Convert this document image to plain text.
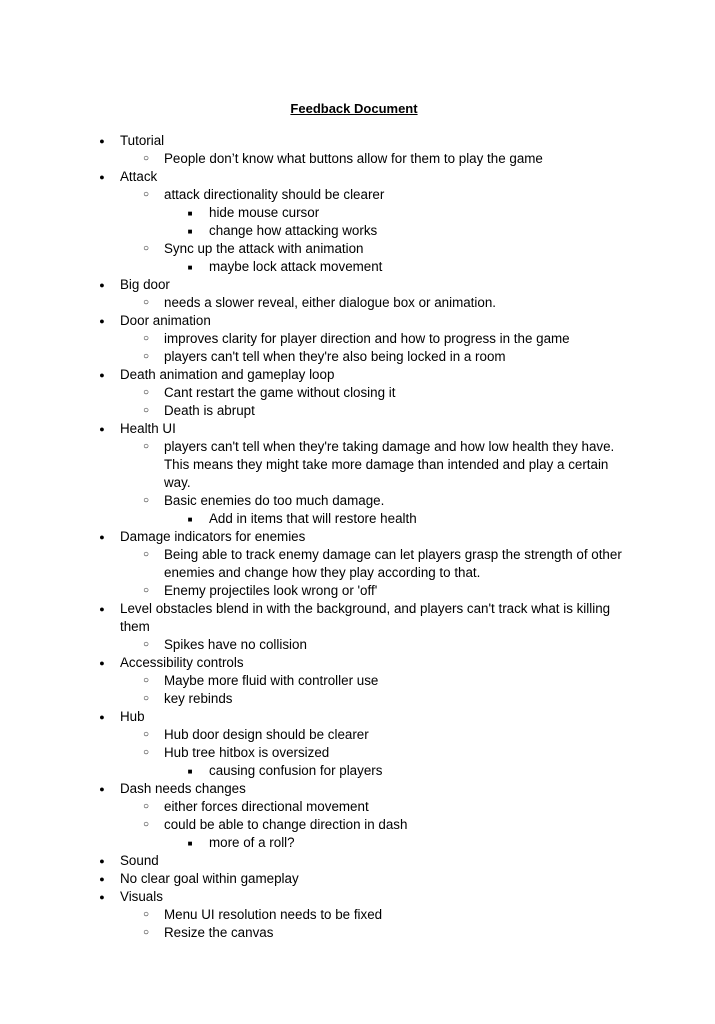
Feedback Document
●	Tutorial
○	People don’t know what buttons allow for them to play the game
●	Attack
○	attack directionality should be clearer
■	hide mouse cursor
■	change how attacking works
○	Sync up the attack with animation
■	maybe lock attack movement
●	Big door
○	needs a slower reveal, either dialogue box or animation.
●	Door animation
○	improves clarity for player direction and how to progress in the game
○	players can't tell when they're also being locked in a room
●	Death animation and gameplay loop
○	Cant restart the game without closing it
○	Death is abrupt
●	Health UI
○	players can't tell when they're taking damage and how low health they have.
This means they might take more damage than intended and play a certain
way.
○	Basic enemies do too much damage.
■	Add in items that will restore health
●	Damage indicators for enemies
○	Being able to track enemy damage can let players grasp the strength of other
enemies and change how they play according to that.
○	Enemy projectiles look wrong or 'off'
●	Level obstacles blend in with the background, and players can't track what is killing
them
○	Spikes have no collision
●	Accessibility controls
○	Maybe more fluid with controller use
○	key rebinds
●	Hub
○	Hub door design should be clearer
○	Hub tree hitbox is oversized
■	causing confusion for players
●	Dash needs changes
○	either forces directional movement
○	could be able to change direction in dash
■	more of a roll?
●	Sound
●	No clear goal within gameplay
●	Visuals
○	Menu UI resolution needs to be fixed
○	Resize the canvas
